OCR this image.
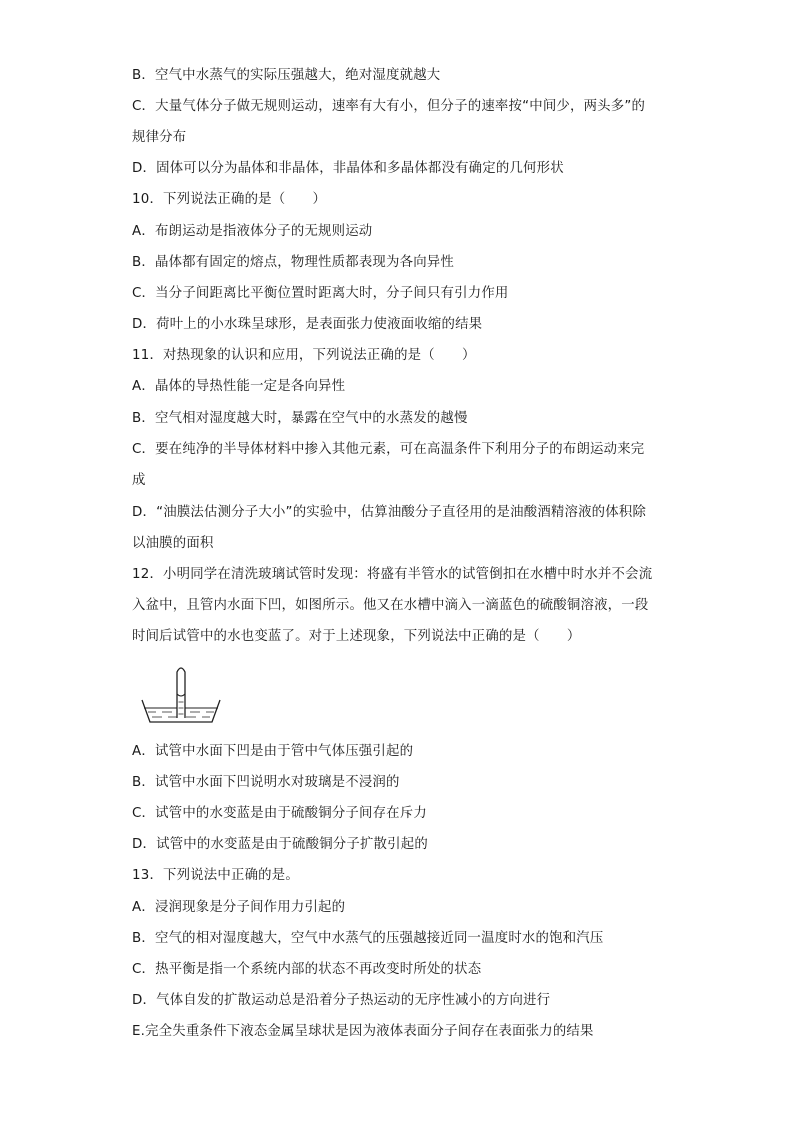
B．空气中水蒸气的实际压强越大，绝对湿度就越大
C．大量气体分子做无规则运动，速率有大有小，但分子的速率按“中间少，两头多”的
规律分布
D．固体可以分为晶体和非晶体，非晶体和多晶体都没有确定的几何形状
10．下列说法正确的是（　　）
A．布朗运动是指液体分子的无规则运动
B．晶体都有固定的熔点，物理性质都表现为各向异性
C．当分子间距离比平衡位置时距离大时，分子间只有引力作用
D．荷叶上的小水珠呈球形，是表面张力使液面收缩的结果
11．对热现象的认识和应用，下列说法正确的是（　　）
A．晶体的导热性能一定是各向异性
B．空气相对湿度越大时，暴露在空气中的水蒸发的越慢
C．要在纯净的半导体材料中掺入其他元素，可在高温条件下利用分子的布朗运动来完
成
D．“油膜法估测分子大小”的实验中，估算油酸分子直径用的是油酸酒精溶液的体积除
以油膜的面积
12．小明同学在清洗玻璃试管时发现：将盛有半管水的试管倒扣在水槽中时水并不会流
入盆中，且管内水面下凹，如图所示。他又在水槽中滴入一滴蓝色的硫酸铜溶液，一段
时间后试管中的水也变蓝了。对于上述现象，下列说法中正确的是（　　）
A．试管中水面下凹是由于管中气体压强引起的
B．试管中水面下凹说明水对玻璃是不浸润的
C．试管中的水变蓝是由于硫酸铜分子间存在斥力
D．试管中的水变蓝是由于硫酸铜分子扩散引起的
13．下列说法中正确的是。
A．浸润现象是分子间作用力引起的
B．空气的相对湿度越大，空气中水蒸气的压强越接近同一温度时水的饱和汽压
C．热平衡是指一个系统内部的状态不再改变时所处的状态
D．气体自发的扩散运动总是沿着分子热运动的无序性减小的方向进行
E.完全失重条件下液态金属呈球状是因为液体表面分子间存在表面张力的结果
